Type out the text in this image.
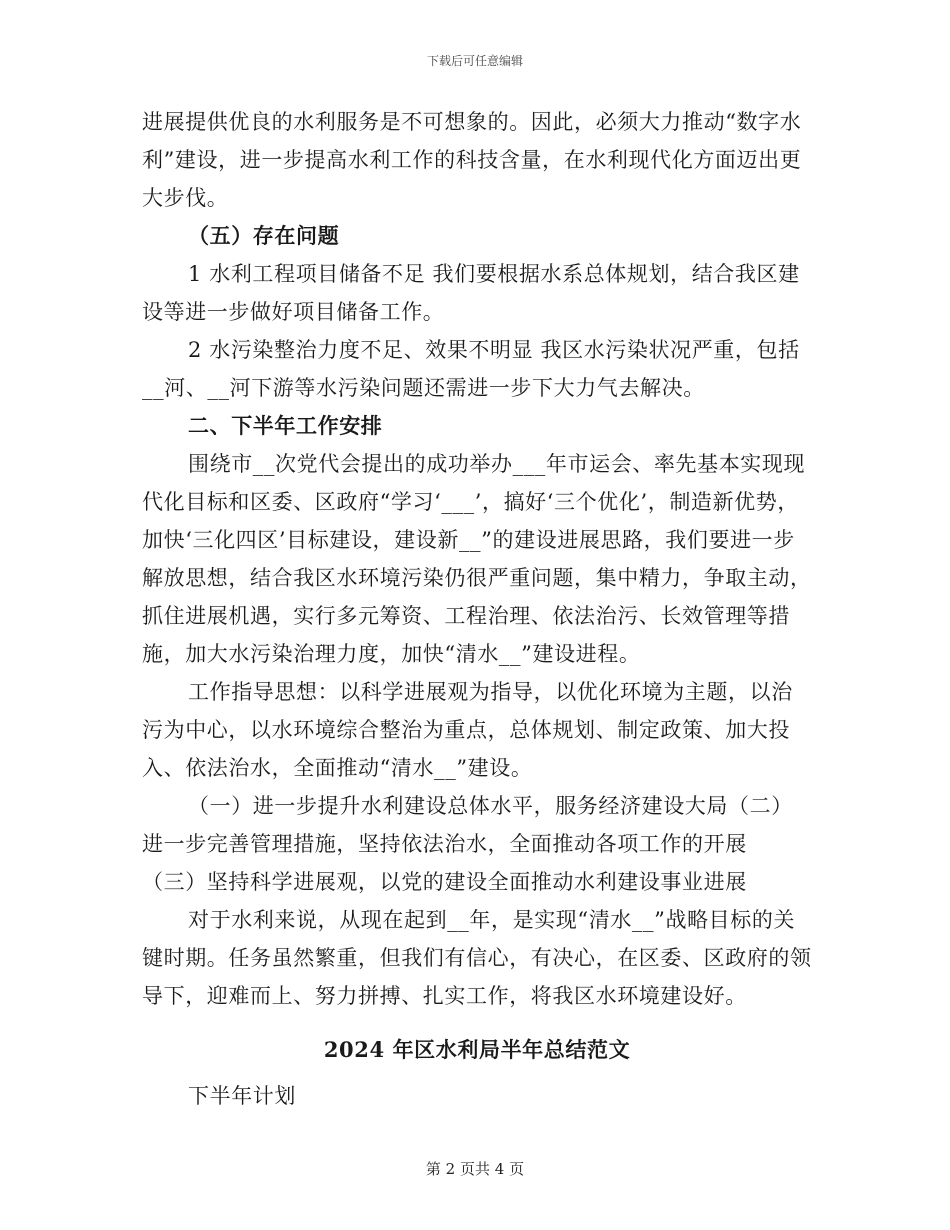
下载后可任意编辑

进展提供优良的水利服务是不可想象的。因此，必须大力推动“数字水利”建设，进一步提高水利工作的科技含量，在水利现代化方面迈出更大步伐。

（五）存在问题

1 水利工程项目储备不足 我们要根据水系总体规划，结合我区建设等进一步做好项目储备工作。

2 水污染整治力度不足、效果不明显 我区水污染状况严重，包括__河、__河下游等水污染问题还需进一步下大力气去解决。

二、下半年工作安排

围绕市__次党代会提出的成功举办___年市运会、率先基本实现现代化目标和区委、区政府“学习‘___’，搞好‘三个优化’，制造新优势，加快‘三化四区’目标建设，建设新__”的建设进展思路，我们要进一步解放思想，结合我区水环境污染仍很严重问题，集中精力，争取主动，抓住进展机遇，实行多元筹资、工程治理、依法治污、长效管理等措施，加大水污染治理力度，加快“清水__”建设进程。

工作指导思想：以科学进展观为指导，以优化环境为主题，以治污为中心，以水环境综合整治为重点，总体规划、制定政策、加大投入、依法治水，全面推动“清水__”建设。

（一）进一步提升水利建设总体水平，服务经济建设大局（二）
进一步完善管理措施，坚持依法治水，全面推动各项工作的开展
（三）坚持科学进展观，以党的建设全面推动水利建设事业进展

对于水利来说，从现在起到__年，是实现“清水__”战略目标的关键时期。任务虽然繁重，但我们有信心，有决心，在区委、区政府的领导下，迎难而上、努力拼搏、扎实工作，将我区水环境建设好。

2024 年区水利局半年总结范文

下半年计划

第 2 页共 4 页
